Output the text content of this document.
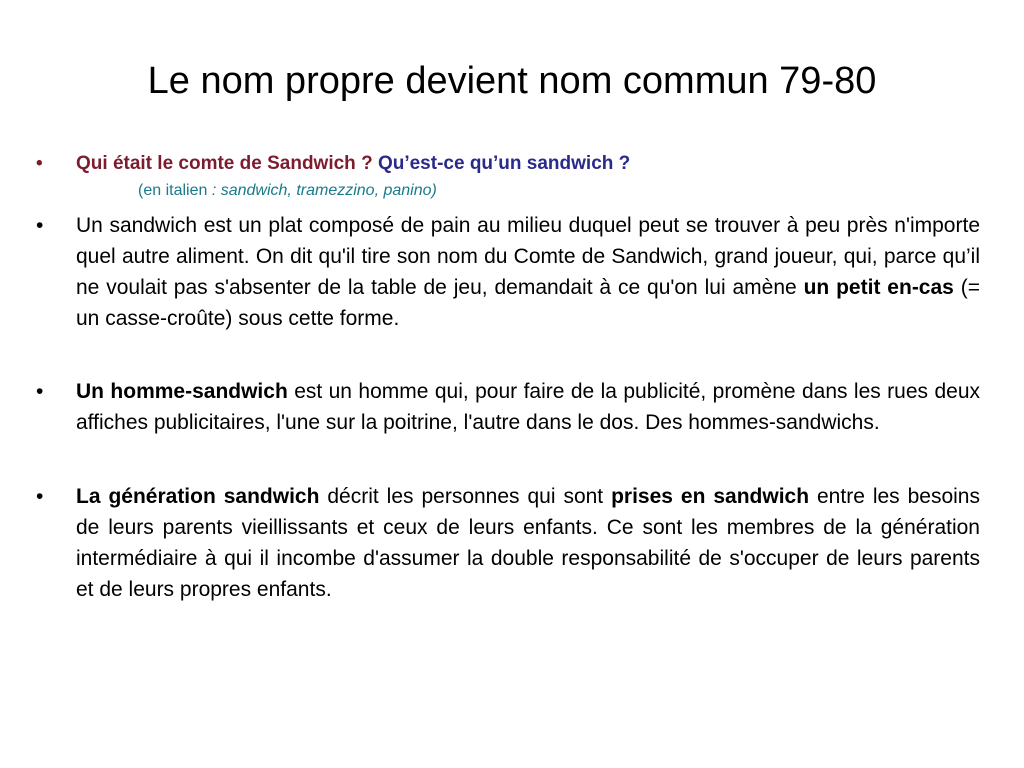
Le nom propre devient nom commun 79-80
•	Qui était le comte de Sandwich ? Qu’est-ce qu’un sandwich ?
(en italien : sandwich, tramezzino, panino)
•	Un sandwich est un plat composé de pain au milieu duquel peut se trouver à peu près n'importe quel autre aliment. On dit qu'il tire son nom du Comte de Sandwich, grand joueur, qui, parce qu’il ne voulait pas s'absenter de la table de jeu, demandait à ce qu'on lui amène un petit en-cas (= un casse-croûte) sous cette forme.
•	Un homme-sandwich est un homme qui, pour faire de la publicité, promène dans les rues deux affiches publicitaires, l'une sur la poitrine, l'autre dans le dos. Des hommes-sandwichs.
•	La génération sandwich décrit les personnes qui sont prises en sandwich entre les besoins de leurs parents vieillissants et ceux de leurs enfants. Ce sont les membres de la génération intermédiaire à qui il incombe d'assumer la double responsabilité de s'occuper de leurs parents et de leurs propres enfants.
